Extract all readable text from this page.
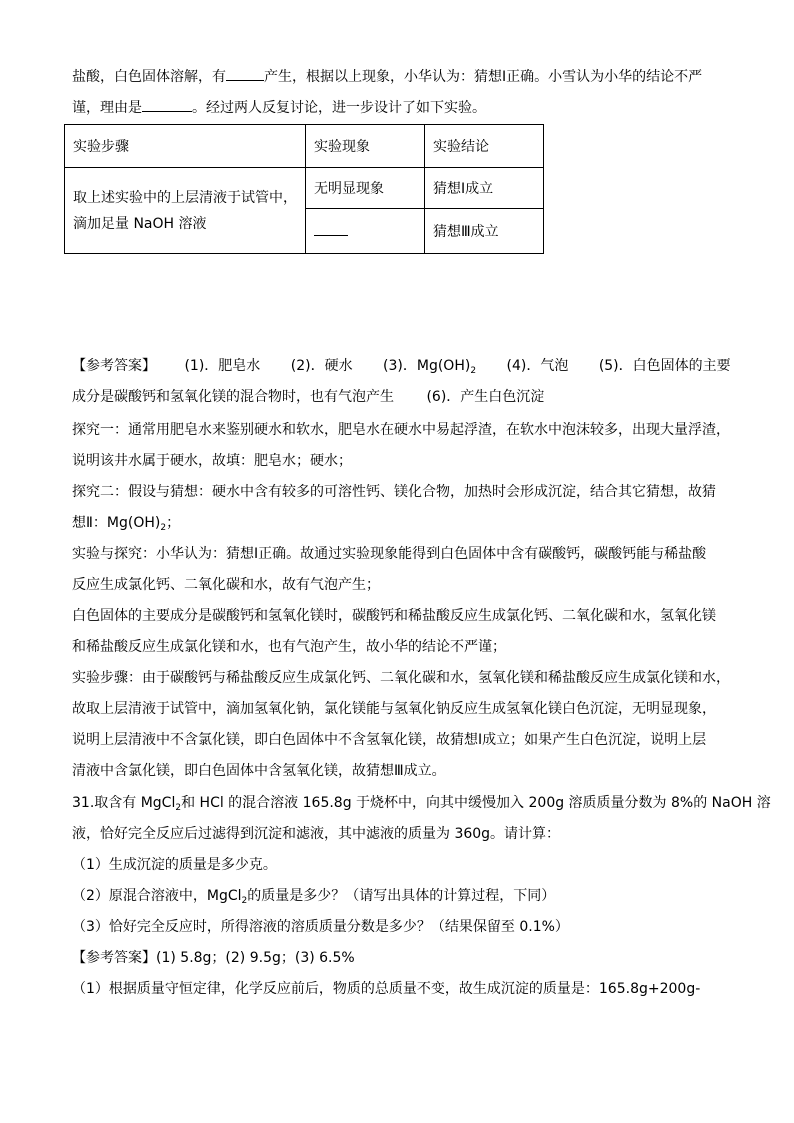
盐酸，白色固体溶解，有	产生，根据以上现象，小华认为：猜想Ⅰ正确。小雪认为小华的结论不严
谨，理由是	。经过两人反复讨论，进一步设计了如下实验。
实验步骤	实验现象	实验结论

取上述实验中的上层清液于试管中，
滴加足量 NaOH 溶液	无明显现象	猜想Ⅰ成立
		猜想Ⅲ成立
【参考答案】 (1)．肥皂水 (2)．硬水 (3)．Mg(OH)2 (4)．气泡 (5)．白色固体的主要
成分是碳酸钙和氢氧化镁的混合物时，也有气泡产生 (6)．产生白色沉淀
探究一：通常用肥皂水来鉴别硬水和软水，肥皂水在硬水中易起浮渣，在软水中泡沫较多，出现大量浮渣，
说明该井水属于硬水，故填：肥皂水；硬水；
探究二：假设与猜想：硬水中含有较多的可溶性钙、镁化合物，加热时会形成沉淀，结合其它猜想，故猜
想Ⅱ：$Mg(OH)_2$；
实验与探究：小华认为：猜想Ⅰ正确。故通过实验现象能得到白色固体中含有碳酸钙，碳酸钙能与稀盐酸
反应生成氯化钙、二氧化碳和水，故有气泡产生；
白色固体的主要成分是碳酸钙和氢氧化镁时，碳酸钙和稀盐酸反应生成氯化钙、二氧化碳和水，氢氧化镁
和稀盐酸反应生成氯化镁和水，也有气泡产生，故小华的结论不严谨；
实验步骤：由于碳酸钙与稀盐酸反应生成氯化钙、二氧化碳和水，氢氧化镁和稀盐酸反应生成氯化镁和水，
故取上层清液于试管中，滴加氢氧化钠，氯化镁能与氢氧化钠反应生成氢氧化镁白色沉淀，无明显现象，
说明上层清液中不含氯化镁，即白色固体中不含氢氧化镁，故猜想Ⅰ成立；如果产生白色沉淀，说明上层
清液中含氯化镁，即白色固体中含氢氧化镁，故猜想Ⅲ成立。
31.取含有 MgCl$_2$和 HCl 的混合溶液 165.8g 于烧杯中，向其中缓慢加入 200g 溶质质量分数为 8%的 NaOH 溶
液，恰好完全反应后过滤得到沉淀和滤液，其中滤液的质量为 360g。请计算：
（1）生成沉淀的质量是多少克。
（2）原混合溶液中，MgCl$_2$的质量是多少？（请写出具体的计算过程，下同）
（3）恰好完全反应时，所得溶液的溶质质量分数是多少？（结果保留至 0.1%）
【参考答案】(1) 5.8g；(2) 9.5g；(3) 6.5%
（1）根据质量守恒定律，化学反应前后，物质的总质量不变，故生成沉淀的质量是：165.8g+200g-
